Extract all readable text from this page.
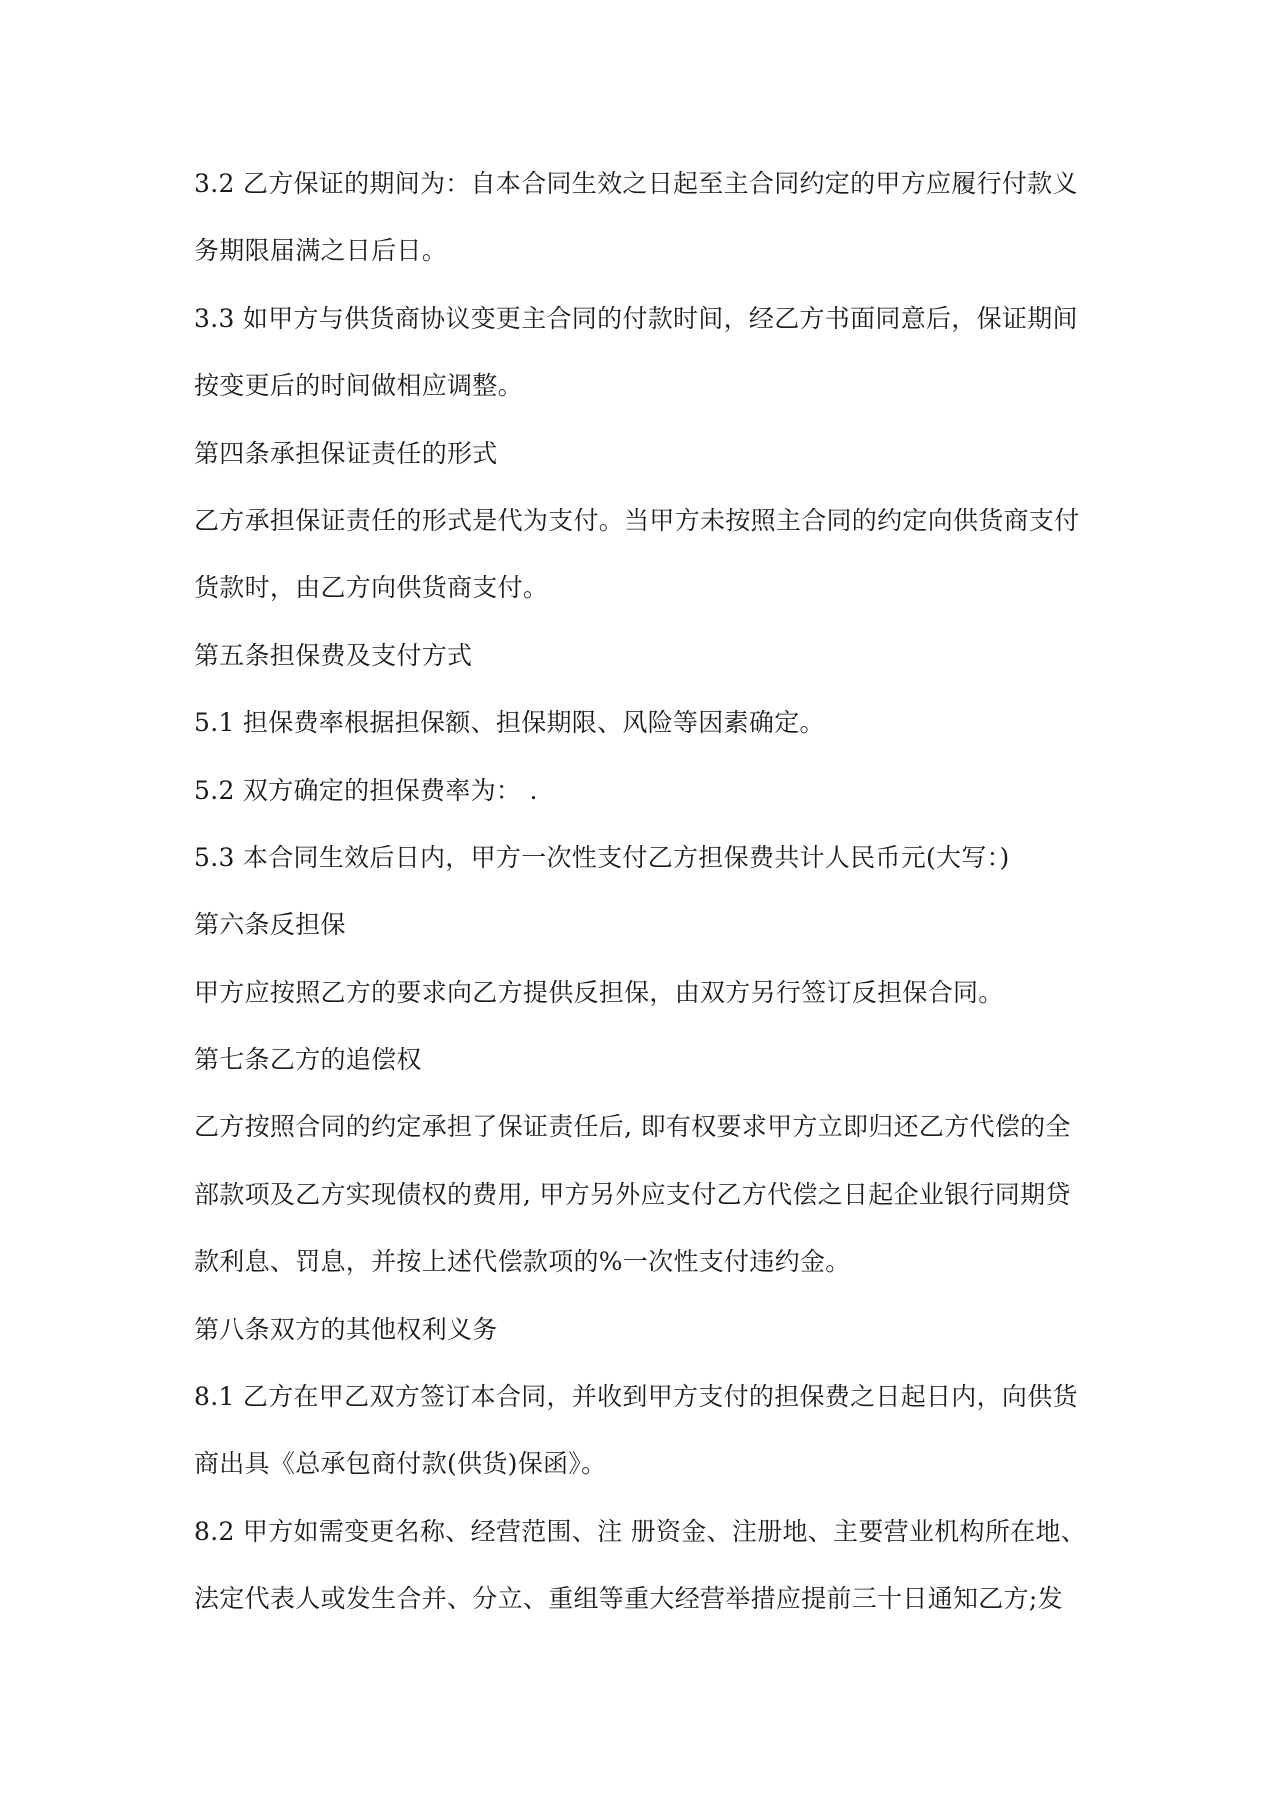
3.2 乙方保证的期间为：自本合同生效之日起至主合同约定的甲方应履行付款义
务期限届满之日后日。
3.3 如甲方与供货商协议变更主合同的付款时间，经乙方书面同意后，保证期间
按变更后的时间做相应调整。
第四条承担保证责任的形式
乙方承担保证责任的形式是代为支付。当甲方未按照主合同的约定向供货商支付
货款时，由乙方向供货商支付。
第五条担保费及支付方式
5.1 担保费率根据担保额、担保期限、风险等因素确定。
5.2 双方确定的担保费率为： .
5.3 本合同生效后日内，甲方一次性支付乙方担保费共计人民币元(大写：)
第六条反担保
甲方应按照乙方的要求向乙方提供反担保，由双方另行签订反担保合同。
第七条乙方的追偿权
乙方按照合同的约定承担了保证责任后, 即有权要求甲方立即归还乙方代偿的全
部款项及乙方实现债权的费用, 甲方另外应支付乙方代偿之日起企业银行同期贷
款利息、罚息，并按上述代偿款项的%一次性支付违约金。
第八条双方的其他权利义务
8.1 乙方在甲乙双方签订本合同，并收到甲方支付的担保费之日起日内，向供货
商出具《总承包商付款(供货)保函》。
8.2 甲方如需变更名称、经营范围、注 册资金、注册地、主要营业机构所在地、
法定代表人或发生合并、分立、重组等重大经营举措应提前三十日通知乙方;发
